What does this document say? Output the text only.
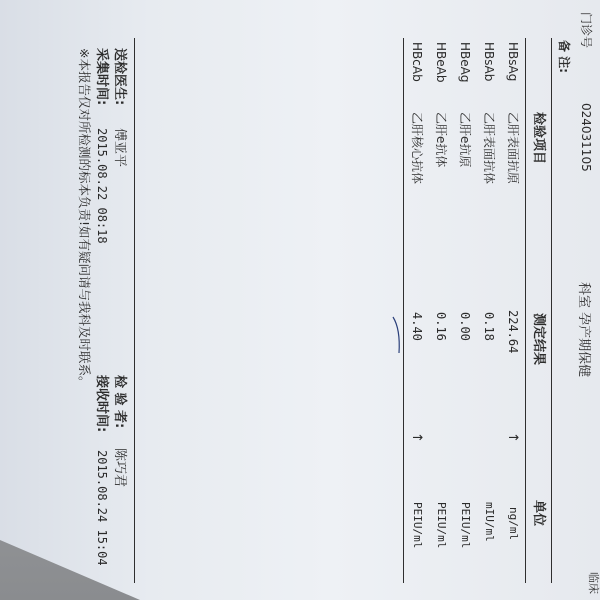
门诊号
024031105
科室 孕产期保健
临床
备 注:
检验项目
测定结果
单位
HBsAg
乙肝表面抗原
224.64
↑
ng/ml
HBsAb
乙肝表面抗体
0.18
mIU/ml
HBeAg
乙肝e抗原
0.00
PEIU/ml
HBeAb
乙肝e抗体
0.16
PEIU/ml
HBcAb
乙肝核心抗体
4.40
↑
PEIU/ml
送检医生:
傅亚平
采集时间:
2015.08.22 08:18
检 验 者:
陈巧君
接收时间:
2015.08.24 15:04
※本报告仅对所检测的标本负责!如有疑问请与我科及时联系。
